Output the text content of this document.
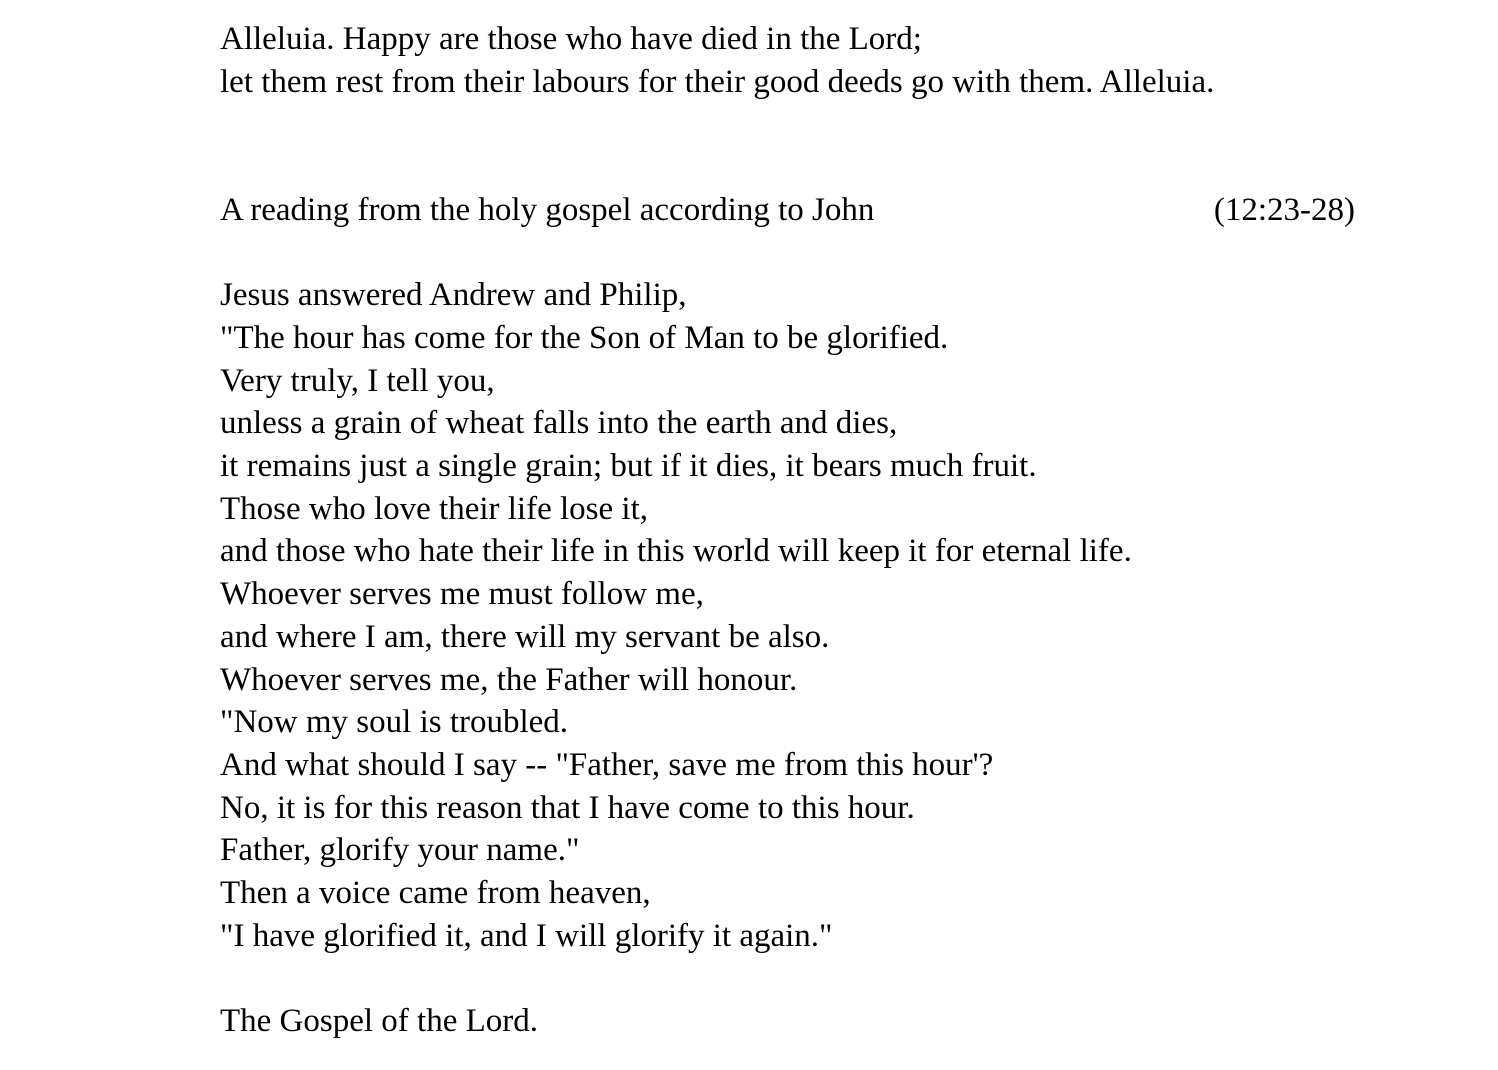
Alleluia. Happy are those who have died in the Lord;
let them rest from their labours for their good deeds go with them. Alleluia.
A reading from the holy gospel according to John	(12:23-28)
Jesus answered Andrew and Philip,
"The hour has come for the Son of Man to be glorified.
Very truly, I tell you,
unless a grain of wheat falls into the earth and dies,
it remains just a single grain; but if it dies, it bears much fruit.
Those who love their life lose it,
and those who hate their life in this world will keep it for eternal life.
Whoever serves me must follow me,
and where I am, there will my servant be also.
Whoever serves me, the Father will honour.
"Now my soul is troubled.
And what should I say -- "Father, save me from this hour'?
No, it is for this reason that I have come to this hour.
Father, glorify your name."
Then a voice came from heaven,
"I have glorified it, and I will glorify it again."
The Gospel of the Lord.
